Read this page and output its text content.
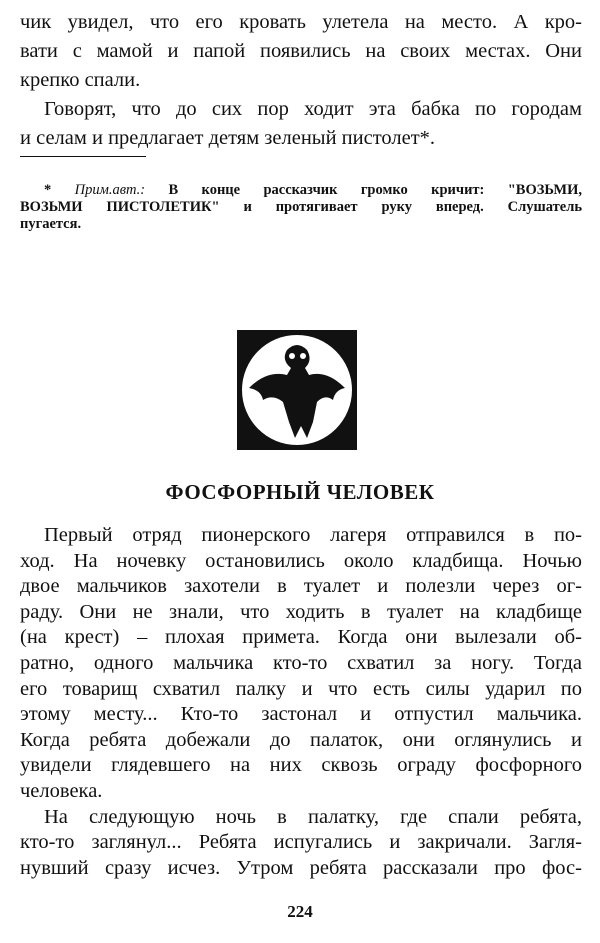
чик увидел, что его кровать улетела на место. А кро-
вати с мамой и папой появились на своих местах. Они
крепко спали.
Говорят, что до сих пор ходит эта бабка по городам
и селам и предлагает детям зеленый пистолет*.
* Прим.авт.: В конце рассказчик громко кричит: "ВОЗЬМИ,
ВОЗЬМИ ПИСТОЛЕТИК" и протягивает руку вперед. Слушатель
пугается.
ФОСФОРНЫЙ ЧЕЛОВЕК
Первый отряд пионерского лагеря отправился в по-
ход. На ночевку остановились около кладбища. Ночью
двое мальчиков захотели в туалет и полезли через ог-
раду. Они не знали, что ходить в туалет на кладбище
(на крест) – плохая примета. Когда они вылезали об-
ратно, одного мальчика кто-то схватил за ногу. Тогда
его товарищ схватил палку и что есть силы ударил по
этому месту... Кто-то застонал и отпустил мальчика.
Когда ребята добежали до палаток, они оглянулись и
увидели глядевшего на них сквозь ограду фосфорного
человека.
На следующую ночь в палатку, где спали ребята,
кто-то заглянул... Ребята испугались и закричали. Загля-
нувший сразу исчез. Утром ребята рассказали про фос-
224
